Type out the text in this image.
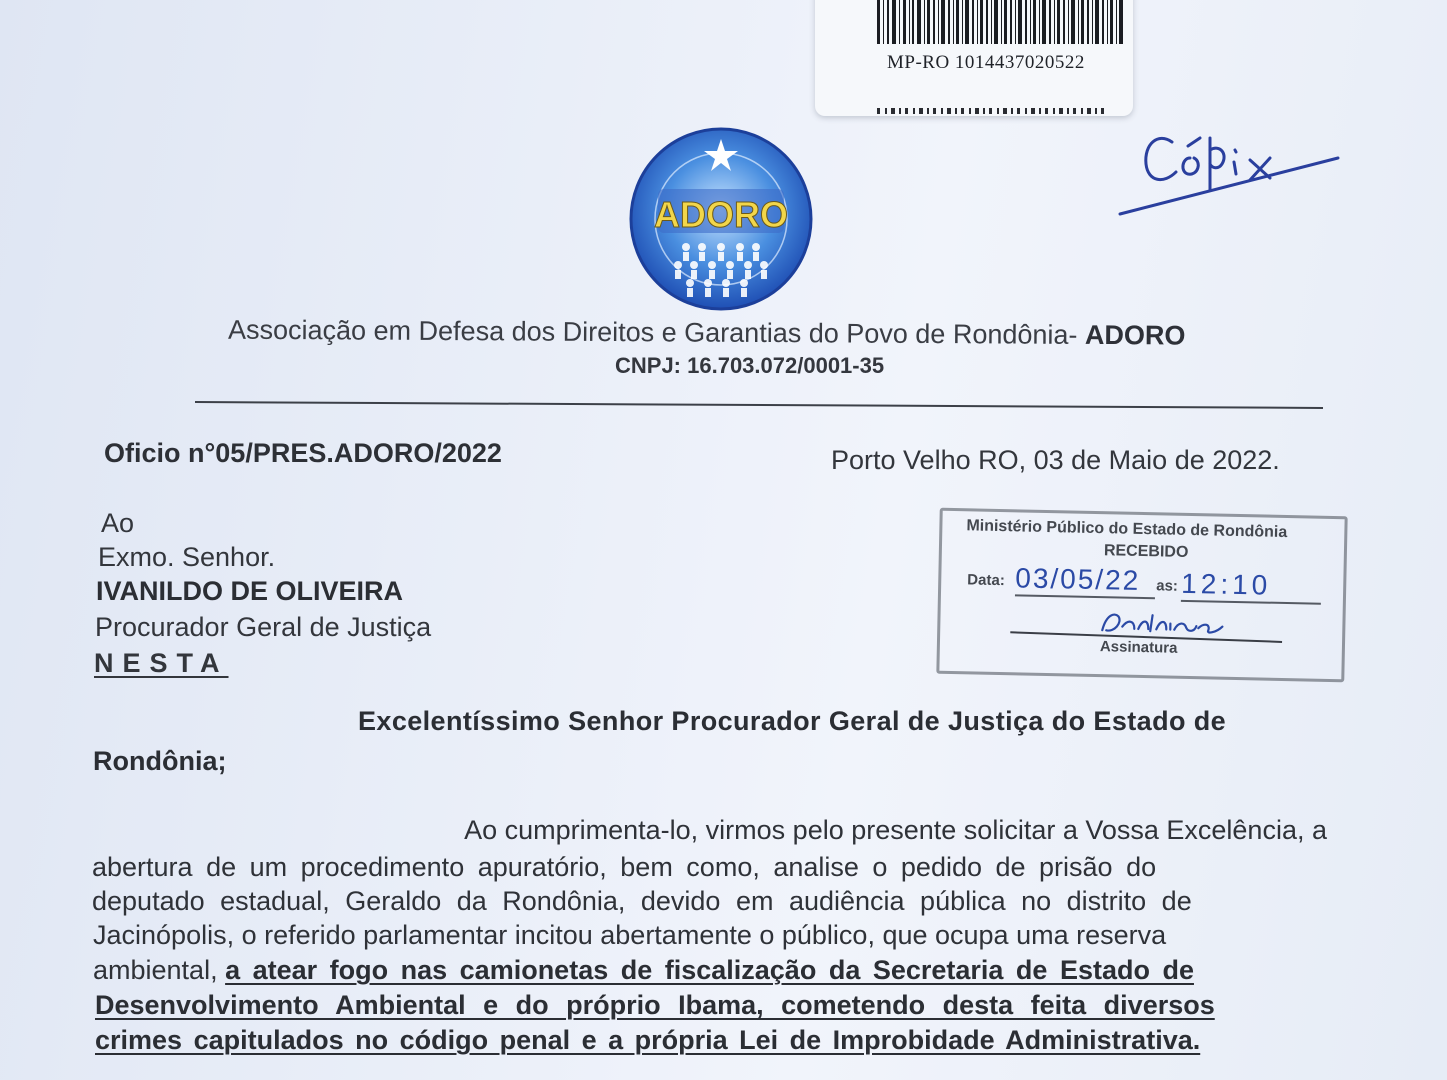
MP-RO 1014437020522
ADORO
Associação em Defesa dos Direitos e Garantias do Povo de Rondônia- ADORO
CNPJ: 16.703.072/0001-35
Oficio n°05/PRES.ADORO/2022	Porto Velho RO, 03 de Maio de 2022.
Ao
Exmo. Senhor.
IVANILDO DE OLIVEIRA
Procurador Geral de Justiça
NESTA
Ministério Público do Estado de Rondônia
RECEBIDO
Data: 03/05/22	as: 12:10
Assinatura
Excelentíssimo Senhor Procurador Geral de Justiça do Estado de
Rondônia;
Ao cumprimenta-lo, virmos pelo presente solicitar a Vossa Excelência, a
abertura de um procedimento apuratório, bem como, analise o pedido de prisão do
deputado estadual, Geraldo da Rondônia, devido em audiência pública no distrito de
Jacinópolis, o referido parlamentar incitou abertamente o público, que ocupa uma reserva
ambiental, a atear fogo nas camionetas de fiscalização da Secretaria de Estado de
Desenvolvimento Ambiental e do próprio Ibama, cometendo desta feita diversos
crimes capitulados no código penal e a própria Lei de Improbidade Administrativa.
